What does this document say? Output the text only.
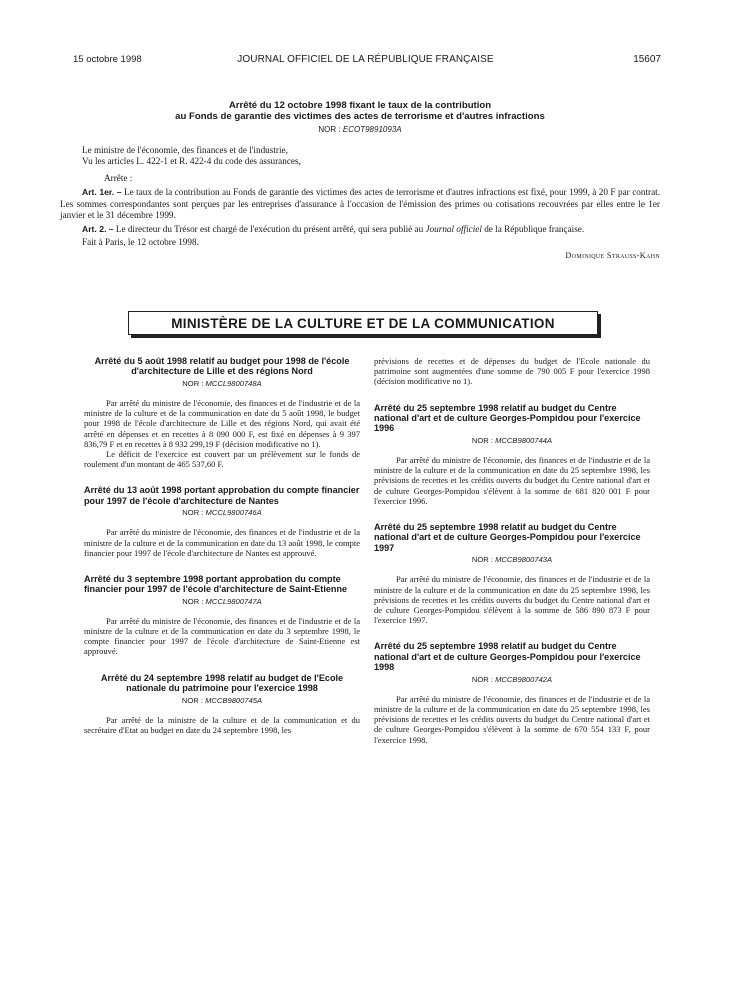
15 octobre 1998	JOURNAL OFFICIEL DE LA RÉPUBLIQUE FRANÇAISE	15607
Arrêté du 12 octobre 1998 fixant le taux de la contribution
au Fonds de garantie des victimes des actes de terrorisme et d'autres infractions
NOR : ECOT9891093A

Le ministre de l'économie, des finances et de l'industrie,

Vu les articles L. 422-1 et R. 422-4 du code des assurances,

Arrête :

Art. 1er. – Le taux de la contribution au Fonds de garantie des victimes des actes de terrorisme et d'autres infractions est fixé, pour 1999, à 20 F par contrat. Les sommes correspondantes sont perçues par les entreprises d'assurance à l'occasion de l'émission des primes ou cotisations recouvrées par elles entre le 1er janvier et le 31 décembre 1999.

Art. 2. – Le directeur du Trésor est chargé de l'exécution du présent arrêté, qui sera publié au Journal officiel de la République française.

Fait à Paris, le 12 octobre 1998.

Dominique Strauss-Kahn

MINISTÈRE DE LA CULTURE ET DE LA COMMUNICATION
Arrêté du 5 août 1998 relatif au budget pour 1998 de l'école d'architecture de Lille et des régions Nord
NOR : MCCL9800748A

Par arrêté du ministre de l'économie, des finances et de l'industrie et de la ministre de la culture et de la communication en date du 5 août 1998, le budget pour 1998 de l'école d'architecture de Lille et des régions Nord, qui avait été arrêté en dépenses et en recettes à 8 090 000 F, est fixé en dépenses à 9 397 836,79 F et en recettes à 8 932 299,19 F (décision modificative no 1).

Le déficit de l'exercice est couvert par un prélèvement sur le fonds de roulement d'un montant de 465 537,60 F.

Arrêté du 13 août 1998 portant approbation du compte financier pour 1997 de l'école d'architecture de Nantes
NOR : MCCL9800746A

Par arrêté du ministre de l'économie, des finances et de l'industrie et de la ministre de la culture et de la communication en date du 13 août 1998, le compte financier pour 1997 de l'école d'architecture de Nantes est approuvé.

Arrêté du 3 septembre 1998 portant approbation du compte financier pour 1997 de l'école d'architecture de Saint-Etienne
NOR : MCCL9800747A

Par arrêté du ministre de l'économie, des finances et de l'industrie et de la ministre de la culture et de la communication en date du 3 septembre 1998, le compte financier pour 1997 de l'école d'architecture de Saint-Etienne est approuvé.

Arrêté du 24 septembre 1998 relatif au budget de l'Ecole nationale du patrimoine pour l'exercice 1998
NOR : MCCB9800745A

Par arrêté de la ministre de la culture et de la communication et du secrétaire d'Etat au budget en date du 24 septembre 1998, les

prévisions de recettes et de dépenses du budget de l'Ecole nationale du patrimoine sont augmentées d'une somme de 790 005 F pour l'exercice 1998 (décision modificative no 1).

Arrêté du 25 septembre 1998 relatif au budget du Centre national d'art et de culture Georges-Pompidou pour l'exercice 1996
NOR : MCCB9800744A

Par arrêté du ministre de l'économie, des finances et de l'industrie et de la ministre de la culture et de la communication en date du 25 septembre 1998, les prévisions de recettes et les crédits ouverts du budget du Centre national d'art et de culture Georges-Pompidou s'élèvent à la somme de 681 820 001 F pour l'exercice 1996.

Arrêté du 25 septembre 1998 relatif au budget du Centre national d'art et de culture Georges-Pompidou pour l'exercice 1997
NOR : MCCB9800743A

Par arrêté du ministre de l'économie, des finances et de l'industrie et de la ministre de la culture et de la communication en date du 25 septembre 1998, les prévisions de recettes et les crédits ouverts du budget du Centre national d'art et de culture Georges-Pompidou s'élèvent à la somme de 586 890 873 F pour l'exercice 1997.

Arrêté du 25 septembre 1998 relatif au budget du Centre national d'art et de culture Georges-Pompidou pour l'exercice 1998
NOR : MCCB9800742A

Par arrêté du ministre de l'économie, des finances et de l'industrie et de la ministre de la culture et de la communication en date du 25 septembre 1998, les prévisions de recettes et les crédits ouverts du budget du Centre national d'art et de culture Georges-Pompidou s'élèvent à la somme de 670 554 133 F, pour l'exercice 1998.
